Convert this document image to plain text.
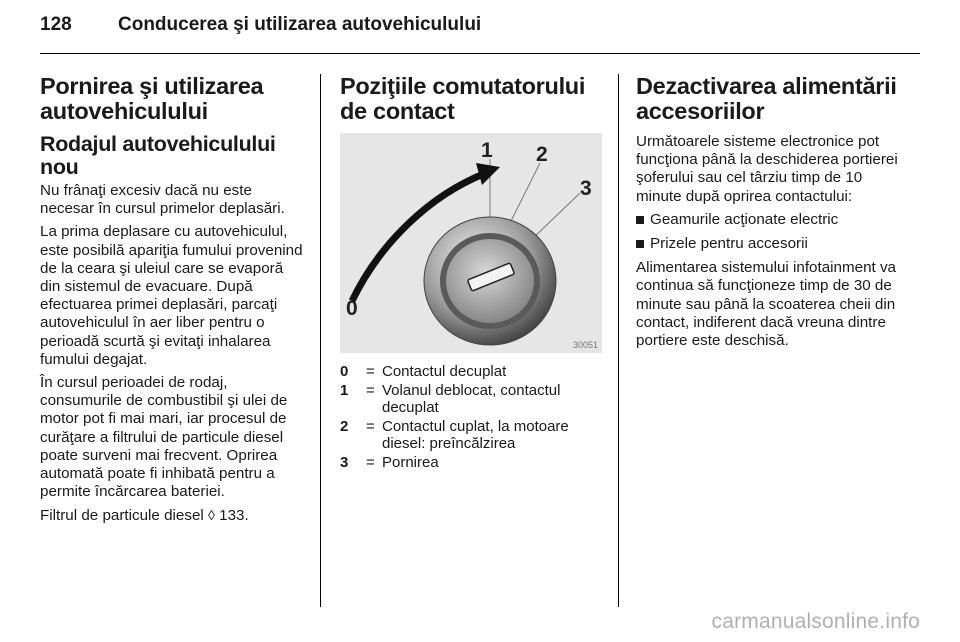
128 Conducerea şi utilizarea autovehiculului
Pornirea şi utilizarea autovehiculului
Rodajul autovehiculului nou

Nu frânaţi excesiv dacă nu este necesar în cursul primelor deplasări.

La prima deplasare cu autovehiculul, este posibilă apariţia fumului provenind de la ceara şi uleiul care se evaporă din sistemul de evacuare. După efectuarea primei deplasări, parcaţi autovehiculul în aer liber pentru o perioadă scurtă şi evitaţi inhalarea fumului degajat.

În cursul perioadei de rodaj, consumurile de combustibil şi ulei de motor pot fi mai mari, iar procesul de curăţare a filtrului de particule diesel poate surveni mai frecvent. Oprirea automată poate fi inhibată pentru a permite încărcarea bateriei.

Filtrul de particule diesel ◊ 133.

Poziţiile comutatorului de contact
0
1 2
3
30051
0	= Contactul decuplat
1	= Volanul deblocat, contactul decuplat
2	= Contactul cuplat, la motoare diesel: preîncălzirea
3	= Pornirea
Dezactivarea alimentării accesoriilor

Următoarele sisteme electronice pot funcţiona până la deschiderea portierei şoferului sau cel târziu timp de 10 minute după oprirea contactului:

Geamurile acţionate electric
Prizele pentru accesorii

Alimentarea sistemului infotainment va continua să funcţioneze timp de 30 de minute sau până la scoaterea cheii din contact, indiferent dacă vreuna dintre portiere este deschisă.

carmanualsonline.info
